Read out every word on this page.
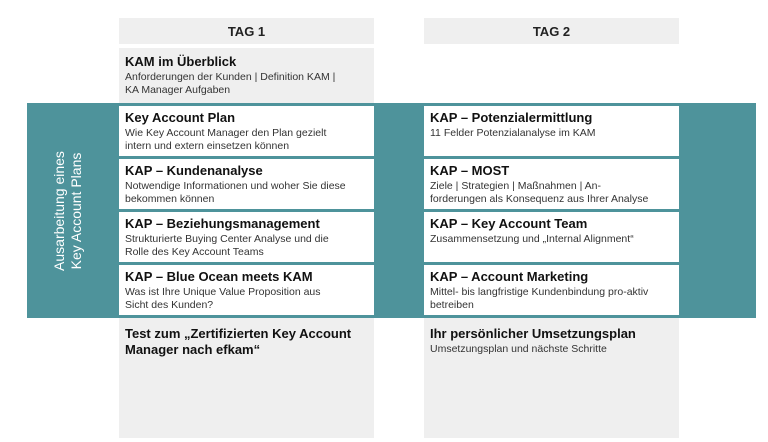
TAG 1	TAG 2
KAM im Überblick
Anforderungen der Kunden | Definition KAM |
KA Manager Aufgaben
Ausarbeitung eines
Key Account Plans
Key Account Plan
Wie Key Account Manager den Plan gezielt
intern und extern einsetzen können
KAP – Kundenanalyse
Notwendige Informationen und woher Sie diese
bekommen können
KAP – Beziehungsmanagement
Strukturierte Buying Center Analyse und die
Rolle des Key Account Teams
KAP – Blue Ocean meets KAM
Was ist Ihre Unique Value Proposition aus
Sicht des Kunden?
KAP – Potenzialermittlung
11 Felder Potenzialanalyse im KAM
KAP – MOST
Ziele | Strategien | Maßnahmen | An-
forderungen als Konsequenz aus Ihrer Analyse
KAP – Key Account Team
Zusammensetzung und „Internal Alignment“
KAP – Account Marketing
Mittel- bis langfristige Kundenbindung pro-aktiv
betreiben
Test zum „Zertifizierten Key Account
Manager nach efkam“
Ihr persönlicher Umsetzungsplan
Umsetzungsplan und nächste Schritte
